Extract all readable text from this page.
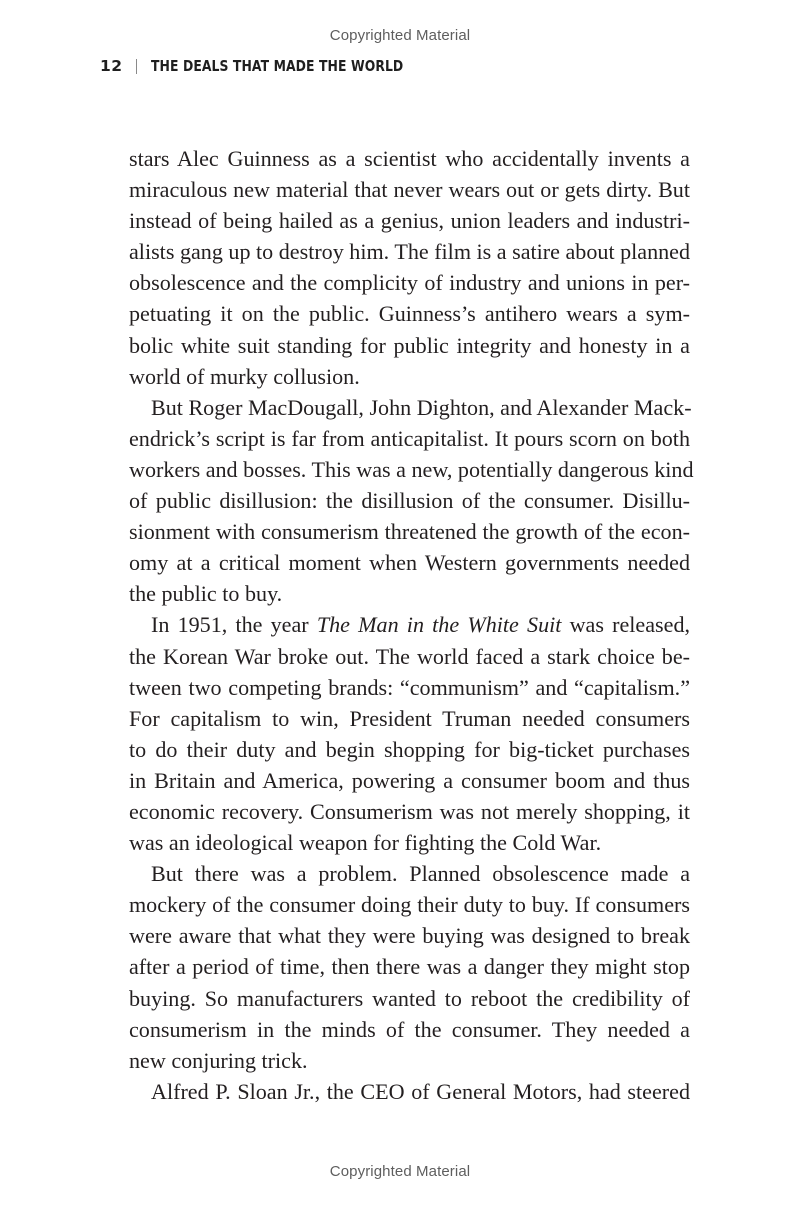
Copyrighted Material
12 THE DEALS THAT MADE THE WORLD
stars Alec Guinness as a scientist who accidentally invents a
miraculous new material that never wears out or gets dirty. But
instead of being hailed as a genius, union leaders and industri-
alists gang up to destroy him. The film is a satire about planned
obsolescence and the complicity of industry and unions in per-
petuating it on the public. Guinness’s antihero wears a sym-
bolic white suit standing for public integrity and honesty in a
world of murky collusion.
But Roger MacDougall, John Dighton, and Alexander Mack-
endrick’s script is far from anticapitalist. It pours scorn on both
workers and bosses. This was a new, potentially dangerous kind
of public disillusion: the disillusion of the consumer. Disillu-
sionment with consumerism threatened the growth of the econ-
omy at a critical moment when Western governments needed
the public to buy.
In 1951, the year The Man in the White Suit was released,
the Korean War broke out. The world faced a stark choice be-
tween two competing brands: “communism” and “capitalism.”
For capitalism to win, President Truman needed consumers
to do their duty and begin shopping for big-ticket purchases
in Britain and America, powering a consumer boom and thus
economic recovery. Consumerism was not merely shopping, it
was an ideological weapon for fighting the Cold War.
But there was a problem. Planned obsolescence made a
mockery of the consumer doing their duty to buy. If consumers
were aware that what they were buying was designed to break
after a period of time, then there was a danger they might stop
buying. So manufacturers wanted to reboot the credibility of
consumerism in the minds of the consumer. They needed a
new conjuring trick.
Alfred P. Sloan Jr., the CEO of General Motors, had steered
Copyrighted Material
